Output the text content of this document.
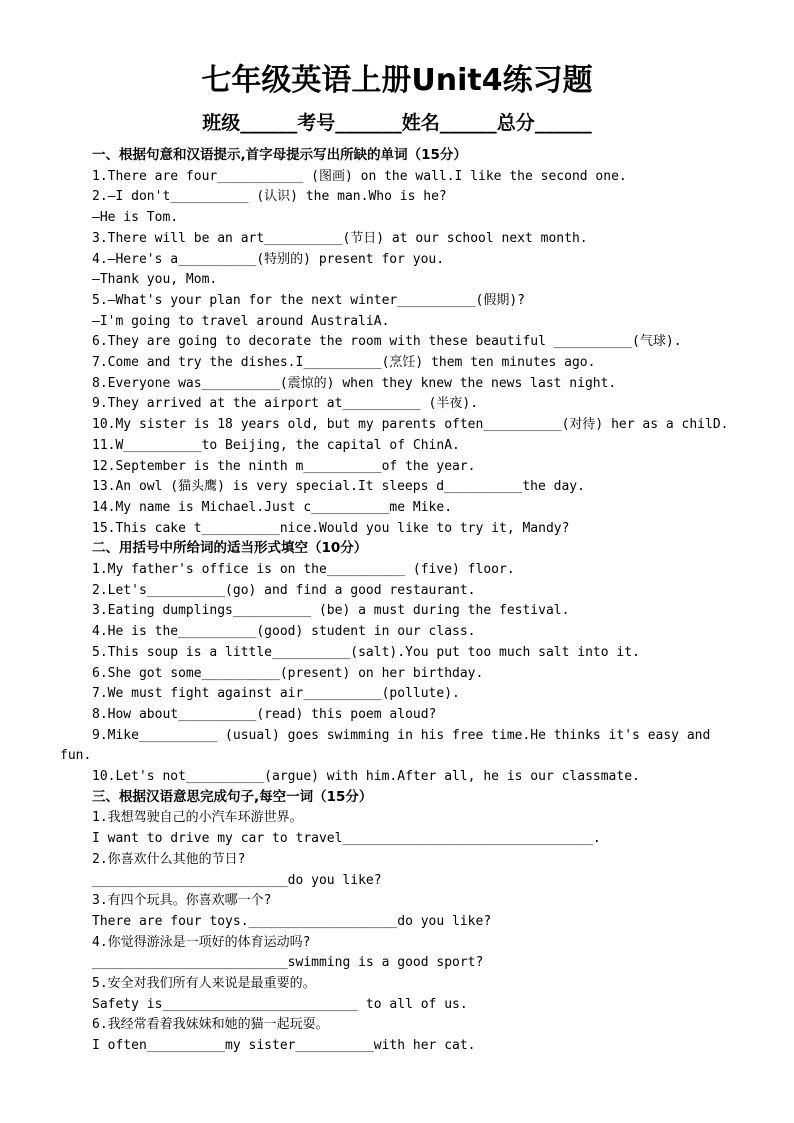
七年级英语上册Unit4练习题
班级______考号_______姓名______总分______
一、根据句意和汉语提示,首字母提示写出所缺的单词（15分）
1.There are four___________ (图画) on the wall.I like the second one.
2.—I don't__________ (认识) the man.Who is he?
—He is Tom.
3.There will be an art__________(节日) at our school next month.
4.—Here's a__________(特别的) present for you.
—Thank you, Mom.
5.—What's your plan for the next winter__________(假期)?
—I'm going to travel around AustraliA.
6.They are going to decorate the room with these beautiful __________(气球).
7.Come and try the dishes.I__________(烹饪) them ten minutes ago.
8.Everyone was__________(震惊的) when they knew the news last night.
9.They arrived at the airport at__________ (半夜).
10.My sister is 18 years old, but my parents often__________(对待) her as a chilD.
11.W__________to Beijing, the capital of ChinA.
12.September is the ninth m__________of the year.
13.An owl (猫头鹰) is very special.It sleeps d__________the day.
14.My name is Michael.Just c__________me Mike.
15.This cake t__________nice.Would you like to try it, Mandy?
二、用括号中所给词的适当形式填空（10分）
1.My father's office is on the__________ (five) floor.
2.Let's__________(go) and find a good restaurant.
3.Eating dumplings__________ (be) a must during the festival.
4.He is the__________(good) student in our class.
5.This soup is a little__________(salt).You put too much salt into it.
6.She got some__________(present) on her birthday.
7.We must fight against air__________(pollute).
8.How about__________(read) this poem aloud?
9.Mike__________ (usual) goes swimming in his free time.He thinks it's easy and
fun.
10.Let's not__________(argue) with him.After all, he is our classmate.
三、根据汉语意思完成句子,每空一词（15分）
1.我想驾驶自己的小汽车环游世界。
I want to drive my car to travel________________________________.
2.你喜欢什么其他的节日?
_________________________do you like?
3.有四个玩具。你喜欢哪一个?
There are four toys.___________________do you like?
4.你觉得游泳是一项好的体育运动吗?
_________________________swimming is a good sport?
5.安全对我们所有人来说是最重要的。
Safety is_________________________ to all of us.
6.我经常看着我妹妹和她的猫一起玩耍。
I often__________my sister__________with her cat.
